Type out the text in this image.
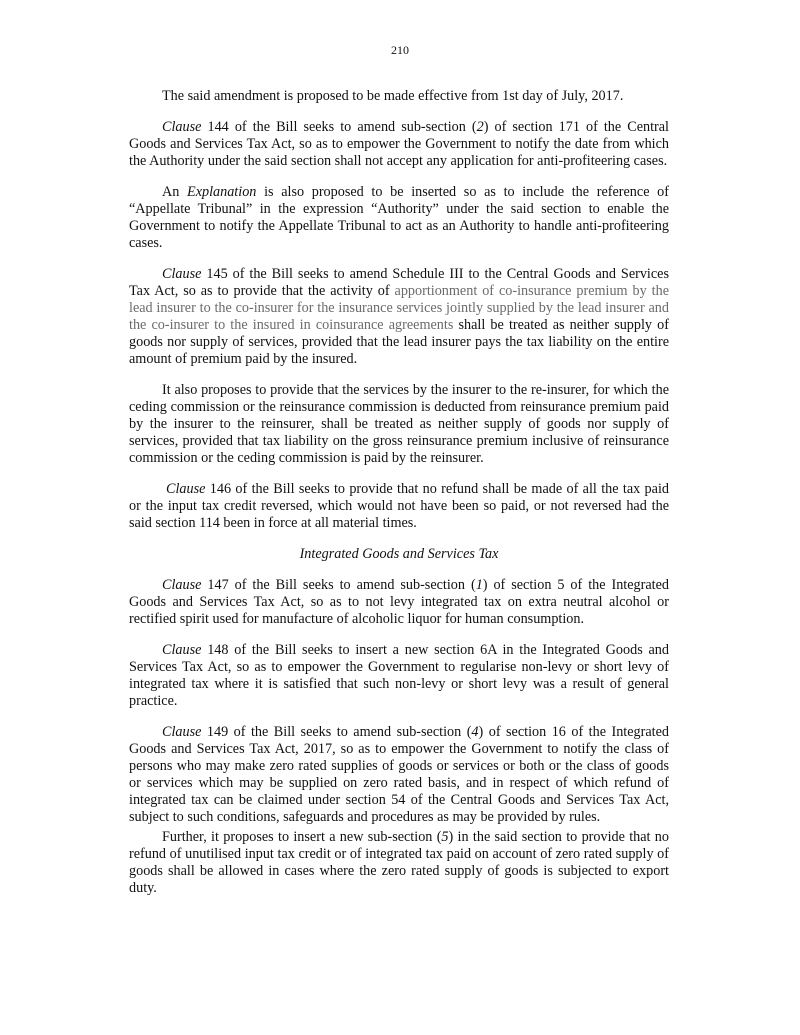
210

The said amendment is proposed to be made effective from 1st day of July, 2017.

Clause 144 of the Bill seeks to amend sub-section (2) of section 171 of the Central Goods and Services Tax Act, so as to empower the Government to notify the date from which the Authority under the said section shall not accept any application for anti-profiteering cases.

An Explanation is also proposed to be inserted so as to include the reference of “Appellate Tribunal” in the expression “Authority” under the said section to enable the Government to notify the Appellate Tribunal to act as an Authority to handle anti-profiteering cases.

Clause 145 of the Bill seeks to amend Schedule III to the Central Goods and Services Tax Act, so as to provide that the activity of apportionment of co-insurance premium by the lead insurer to the co-insurer for the insurance services jointly supplied by the lead insurer and the co-insurer to the insured in coinsurance agreements shall be treated as neither supply of goods nor supply of services, provided that the lead insurer pays the tax liability on the entire amount of premium paid by the insured.

It also proposes to provide that the services by the insurer to the re-insurer, for which the ceding commission or the reinsurance commission is deducted from reinsurance premium paid by the insurer to the reinsurer, shall be treated as neither supply of goods nor supply of services, provided that tax liability on the gross reinsurance premium inclusive of reinsurance commission or the ceding commission is paid by the reinsurer.

Clause 146 of the Bill seeks to provide that no refund shall be made of all the tax paid or the input tax credit reversed, which would not have been so paid, or not reversed had the said section 114 been in force at all material times.

Integrated Goods and Services Tax

Clause 147 of the Bill seeks to amend sub-section (1) of section 5 of the Integrated Goods and Services Tax Act, so as to not levy integrated tax on extra neutral alcohol or rectified spirit used for manufacture of alcoholic liquor for human consumption.

Clause 148 of the Bill seeks to insert a new section 6A in the Integrated Goods and Services Tax Act, so as to empower the Government to regularise non-levy or short levy of integrated tax where it is satisfied that such non-levy or short levy was a result of general practice.

Clause 149 of the Bill seeks to amend sub-section (4) of section 16 of the Integrated Goods and Services Tax Act, 2017, so as to empower the Government to notify the class of persons who may make zero rated supplies of goods or services or both or the class of goods or services which may be supplied on zero rated basis, and in respect of which refund of integrated tax can be claimed under section 54 of the Central Goods and Services Tax Act, subject to such conditions, safeguards and procedures as may be provided by rules.

Further, it proposes to insert a new sub-section (5) in the said section to provide that no refund of unutilised input tax credit or of integrated tax paid on account of zero rated supply of goods shall be allowed in cases where the zero rated supply of goods is subjected to export duty.
